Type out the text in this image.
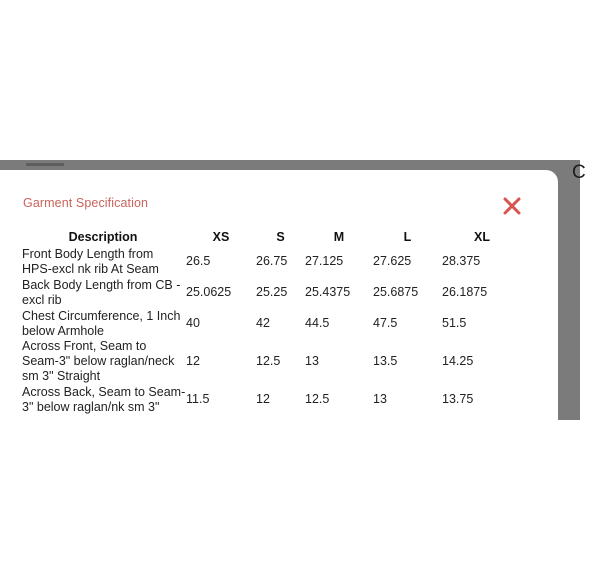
C
Garment Specification
Description	XS	S	M	L	XL
Front Body Length from HPS-excl nk rib At Seam	26.5	26.75	27.125	27.625	28.375
Back Body Length from CB - excl rib	25.0625	25.25	25.4375	25.6875	26.1875
Chest Circumference, 1 Inch below Armhole	40	42	44.5	47.5	51.5
Across Front, Seam to Seam-3" below raglan/neck sm 3" Straight	12	12.5	13	13.5	14.25
Across Back, Seam to Seam-3" below raglan/nk sm 3"	11.5	12	12.5	13	13.75
